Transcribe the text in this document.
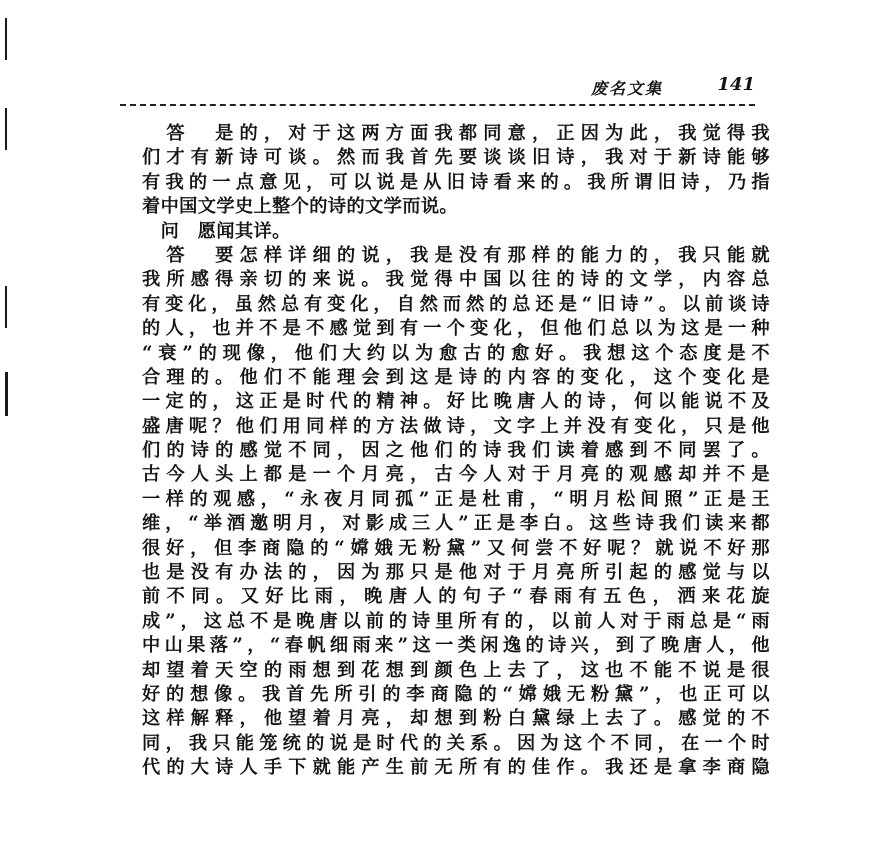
废名文集	141
　答　是的，对于这两方面我都同意，正因为此，我觉得我
们才有新诗可谈。然而我首先要谈谈旧诗，我对于新诗能够
有我的一点意见，可以说是从旧诗看来的。我所谓旧诗，乃指
着中国文学史上整个的诗的文学而说。
　问　愿闻其详。
　答　要怎样详细的说，我是没有那样的能力的，我只能就
我所感得亲切的来说。我觉得中国以往的诗的文学，内容总
有变化，虽然总有变化，自然而然的总还是“旧诗”。以前谈诗
的人，也并不是不感觉到有一个变化，但他们总以为这是一种
“衰”的现像，他们大约以为愈古的愈好。我想这个态度是不
合理的。他们不能理会到这是诗的内容的变化，这个变化是
一定的，这正是时代的精神。好比晚唐人的诗，何以能说不及
盛唐呢？他们用同样的方法做诗，文字上并没有变化，只是他
们的诗的感觉不同，因之他们的诗我们读着感到不同罢了。
古今人头上都是一个月亮，古今人对于月亮的观感却并不是
一样的观感，“永夜月同孤”正是杜甫，“明月松间照”正是王
维，“举酒邀明月，对影成三人”正是李白。这些诗我们读来都
很好，但李商隐的“嫦娥无粉黛”又何尝不好呢？就说不好那
也是没有办法的，因为那只是他对于月亮所引起的感觉与以
前不同。又好比雨，晚唐人的句子“春雨有五色，洒来花旋
成”，这总不是晚唐以前的诗里所有的，以前人对于雨总是“雨
中山果落”，“春帆细雨来”这一类闲逸的诗兴，到了晚唐人，他
却望着天空的雨想到花想到颜色上去了，这也不能不说是很
好的想像。我首先所引的李商隐的“嫦娥无粉黛”，也正可以
这样解释，他望着月亮，却想到粉白黛绿上去了。感觉的不
同，我只能笼统的说是时代的关系。因为这个不同，在一个时
代的大诗人手下就能产生前无所有的佳作。我还是拿李商隐
